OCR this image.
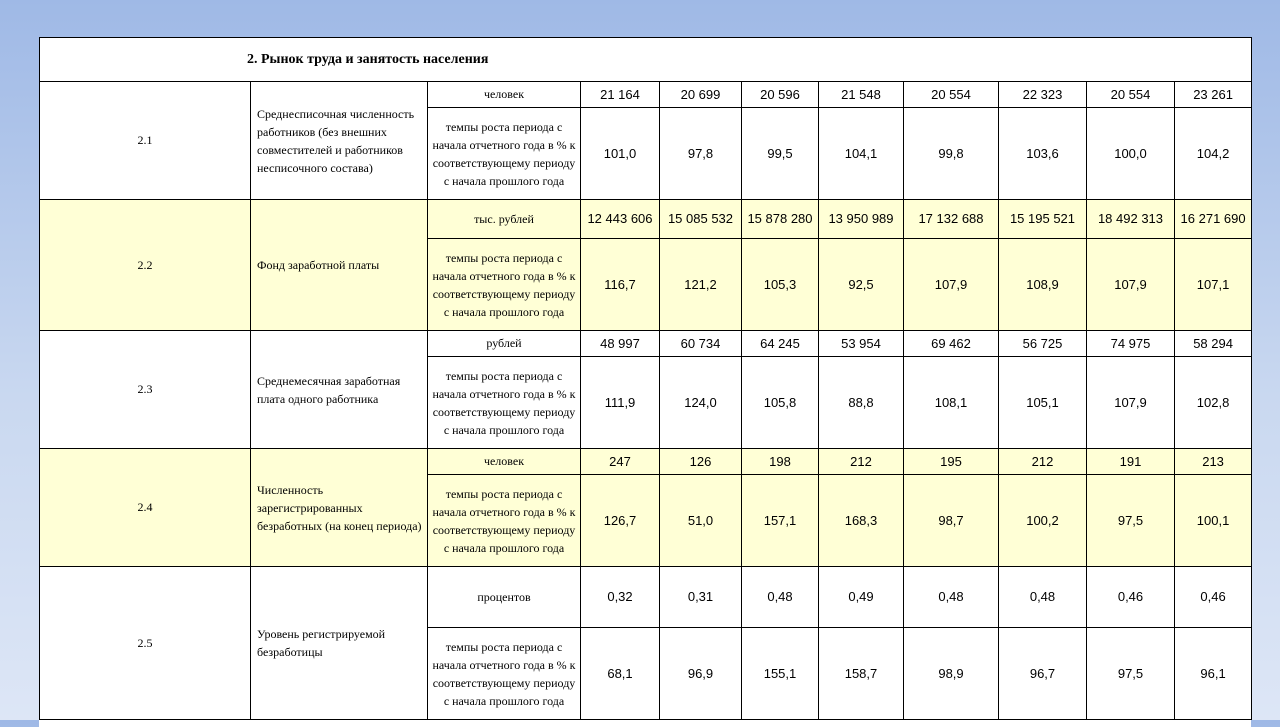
2. Рынок труда и занятость населения										

2.1	Среднесписочная численность работников (без внешних совместителей и работников несписочного состава)	человек	21 164	20 699	20 596	21 548	20 554	22 323	20 554	23 261
		темпы роста периода с начала отчетного года в % к соответствующему периоду с начала прошлого года	101,0	97,8	99,5	104,1	99,8	103,6	100,0	104,2
2.2	Фонд заработной платы	тыс. рублей	12 443 606	15 085 532	15 878 280	13 950 989	17 132 688	15 195 521	18 492 313	16 271 690
		темпы роста периода с начала отчетного года в % к соответствующему периоду с начала прошлого года	116,7	121,2	105,3	92,5	107,9	108,9	107,9	107,1
2.3	Среднемесячная заработная плата одного работника	рублей	48 997	60 734	64 245	53 954	69 462	56 725	74 975	58 294
		темпы роста периода с начала отчетного года в % к соответствующему периоду с начала прошлого года	111,9	124,0	105,8	88,8	108,1	105,1	107,9	102,8
2.4	Численность зарегистрированных безработных (на конец периода)	человек	247	126	198	212	195	212	191	213
		темпы роста периода с начала отчетного года в % к соответствующему периоду с начала прошлого года	126,7	51,0	157,1	168,3	98,7	100,2	97,5	100,1
2.5	Уровень регистрируемой безработицы	процентов	0,32	0,31	0,48	0,49	0,48	0,48	0,46	0,46
		темпы роста периода с начала отчетного года в % к соответствующему периоду с начала прошлого года	68,1	96,9	155,1	158,7	98,9	96,7	97,5	96,1
